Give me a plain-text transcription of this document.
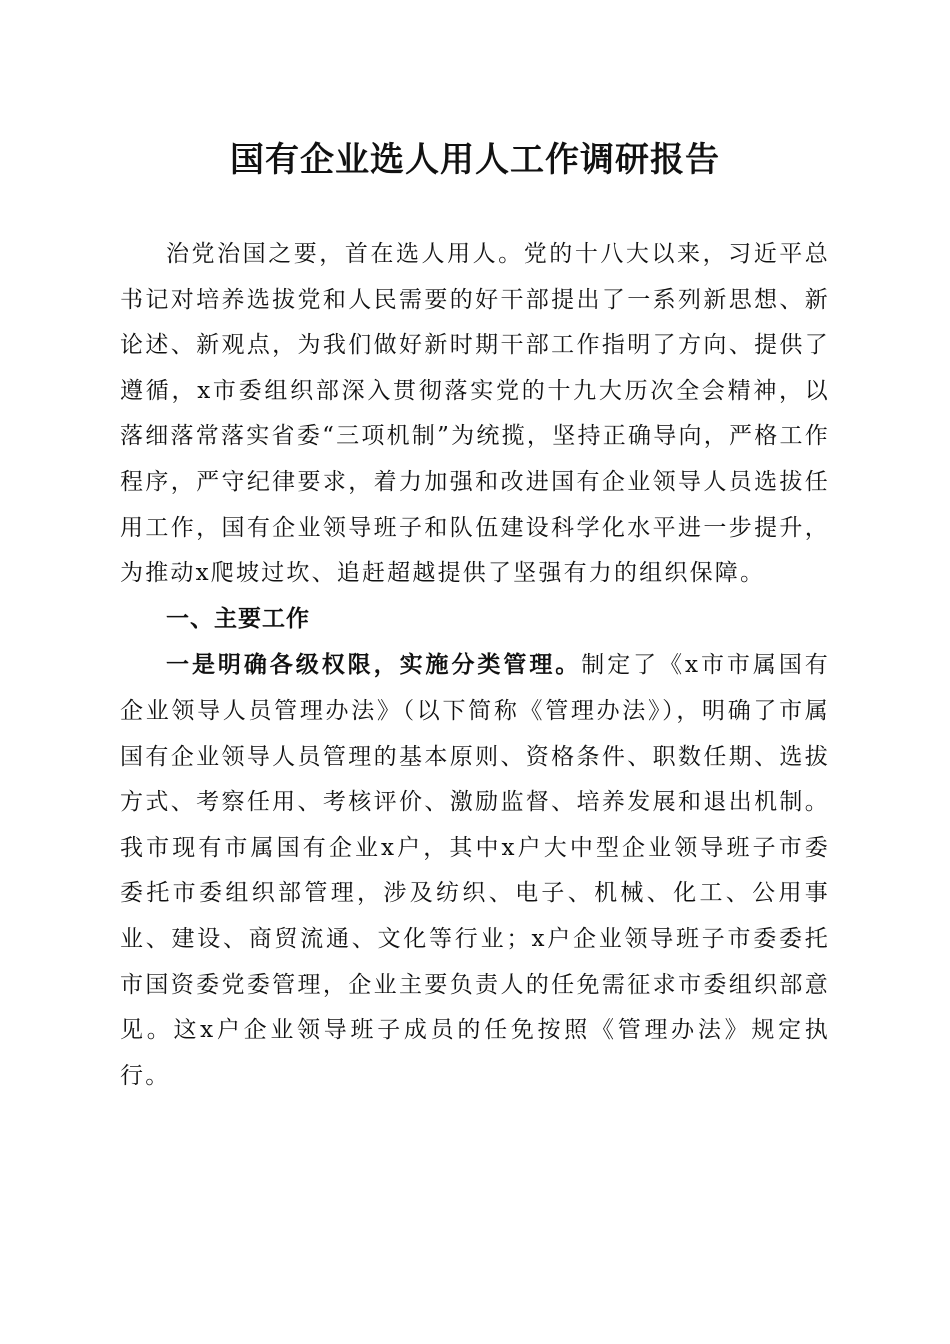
国有企业选人用人工作调研报告

治党治国之要，首在选人用人。党的十八大以来，习近平总书记对培养选拔党和人民需要的好干部提出了一系列新思想、新论述、新观点，为我们做好新时期干部工作指明了方向、提供了遵循，x市委组织部深入贯彻落实党的十九大历次全会精神，以落细落常落实省委“三项机制”为统揽，坚持正确导向，严格工作程序，严守纪律要求，着力加强和改进国有企业领导人员选拔任用工作，国有企业领导班子和队伍建设科学化水平进一步提升，为推动x爬坡过坎、追赶超越提供了坚强有力的组织保障。

一、主要工作

一是明确各级权限，实施分类管理。制定了《x市市属国有企业领导人员管理办法》（以下简称《管理办法》），明确了市属国有企业领导人员管理的基本原则、资格条件、职数任期、选拔方式、考察任用、考核评价、激励监督、培养发展和退出机制。我市现有市属国有企业x户，其中x户大中型企业领导班子市委委托市委组织部管理，涉及纺织、电子、机械、化工、公用事业、建设、商贸流通、文化等行业；x户企业领导班子市委委托市国资委党委管理，企业主要负责人的任免需征求市委组织部意见。这x户企业领导班子成员的任免按照《管理办法》规定执行。
